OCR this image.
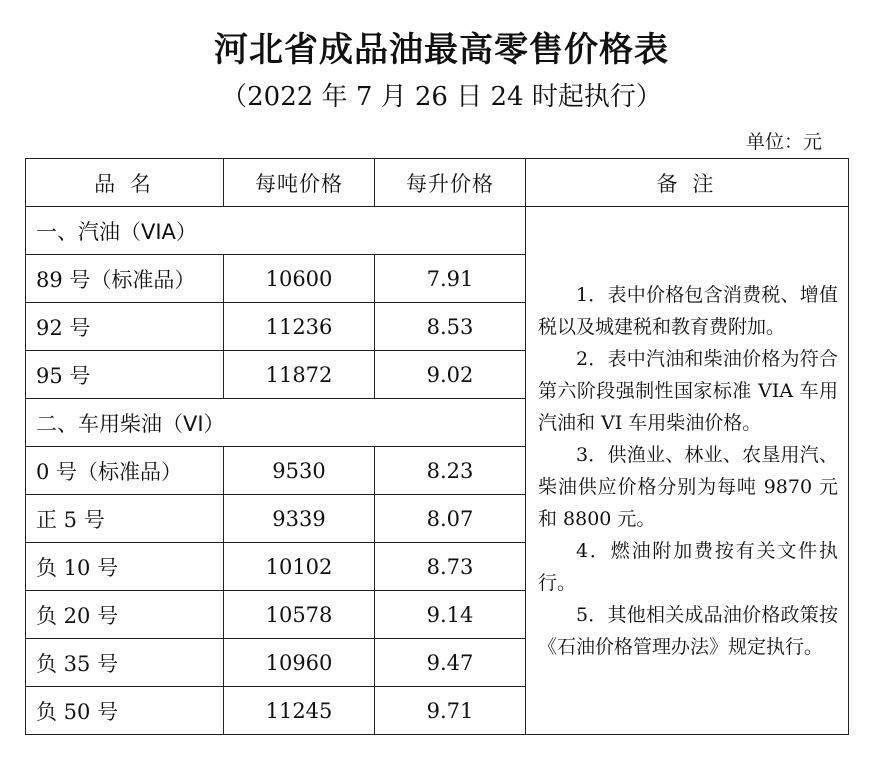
河北省成品油最高零售价格表
（2022 年 7 月 26 日 24 时起执行）
单位：元
品 名	每吨价格	每升价格	备 注
一、汽油（VIA）			1．表中价格包含消费税、增值税以及城建税和教育费附加。

2．表中汽油和柴油价格为符合第六阶段强制性国家标准 VIA 车用汽油和 VI 车用柴油价格。

3．供渔业、林业、农垦用汽、柴油供应价格分别为每吨 9870 元和 8800 元。

4．燃油附加费按有关文件执行。

5．其他相关成品油价格政策按《石油价格管理办法》规定执行。

89 号（标准品）	10600	7.91	
92 号	11236	8.53	
95 号	11872	9.02	
二、车用柴油（VI）			
0 号（标准品）	9530	8.23	
正 5 号	9339	8.07	
负 10 号	10102	8.73	
负 20 号	10578	9.14	
负 35 号	10960	9.47	
负 50 号	11245	9.71	
